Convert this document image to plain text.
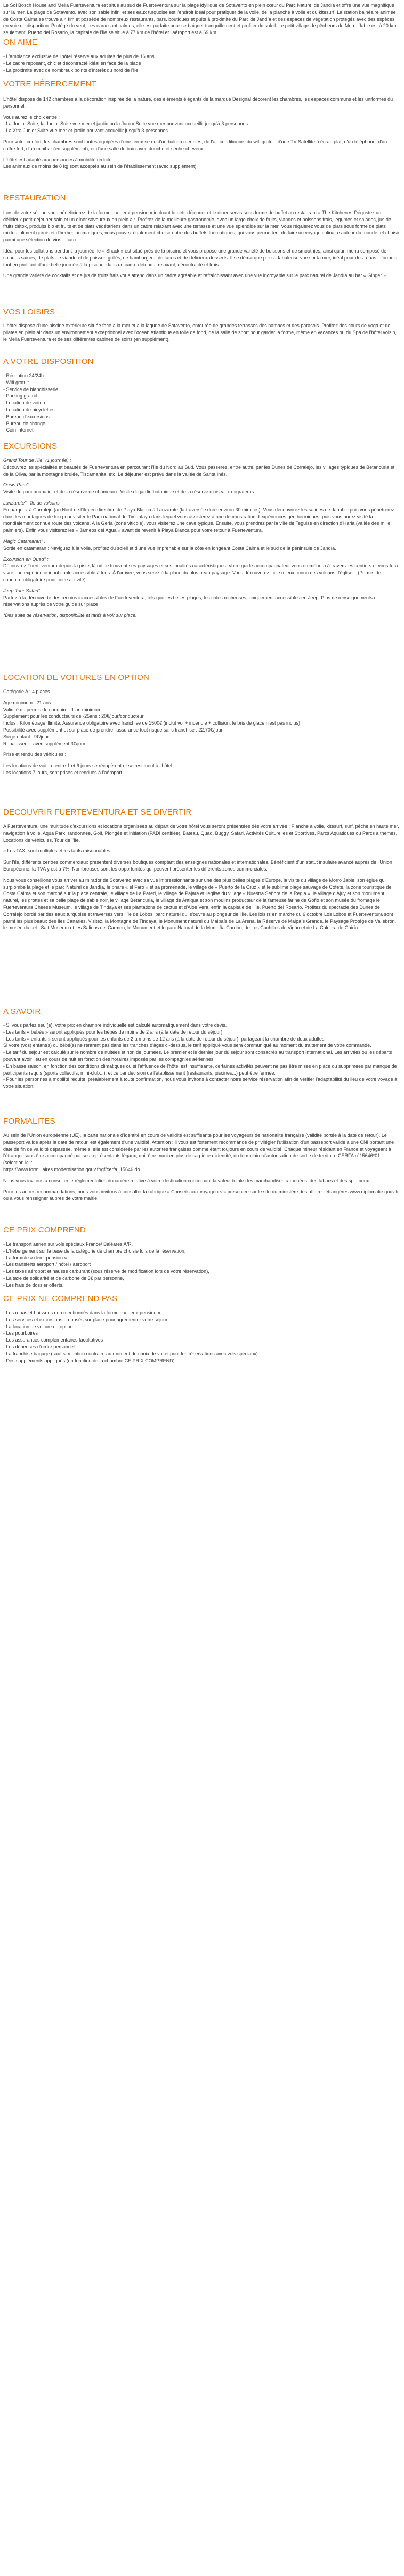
Le Sol Bosch House and Melia Fuerteventura est situé au sud de Fuerteventura sur la plage idyllique de Sotavento en plein cœur du Parc Naturel de Jandía et offre une vue magnifique sur la mer. La plage de Sotavento, avec son sable infini et ses eaux turquoise est l'endroit idéal pour pratiquer de la voile, de la planche à voile et du kitesurf. La station balnéaire animée de Costa Calma se trouve à 4 km et possède de nombreux restaurants, bars, boutiques et puits à proximité du Parc de Jandía et des espaces de végétation protégés avec des espèces en voie de disparition. Protégé du vent, ses eaux sont calmes, elle est parfaite pour se baigner tranquillement et profiter du soleil. Le petit village de pêcheurs de Morro Jable est à 20 km seulement. Puerto del Rosario, la capitale de l'île se situe à 77 km de l'hôtel et l'aéroport est à 69 km.

ON AIME
- L'ambiance exclusive de l'hôtel réservé aux adultes de plus de 16 ans
- Le cadre reposant, chic et décontracté idéal en face de la plage
- La proximité avec de nombreux points d'intérêt du nord de l'île
VOTRE HÉBERGEMENT

L'hôtel dispose de 142 chambres à la décoration inspirée de la nature, des éléments élégants de la marque Designal décorent les chambres, les espaces communs et les uniformes du personnel.

Vous aurez le choix entre :
- La Junior Suite, la Junior Suite vue mer et jardin ou la Junior Suite vue mer pouvant accueillir jusqu'à 3 personnes
- La Xtra Junior Suite vue mer et jardin pouvant accueillir jusqu'à 3 personnes

Pour votre confort, les chambres sont toutes équipées d'une terrasse ou d'un balcon meublés, de l'air conditionné, du wifi gratuit, d'une TV Satellite à écran plat, d'un téléphone, d'un coffre fort, d'un minibar (en supplément), et d'une salle de bain avec douche et sèche-cheveux.

L'hôtel est adapté aux personnes à mobilité réduite.
Les animaux de moins de 8 kg sont acceptés au sein de l'établissement (avec supplément).

RESTAURATION

Lors de votre séjour, vous bénéficierez de la formule « demi-pension » incluant le petit déjeuner et le diner servis sous forme de buffet au restaurant « The Kitchen ». Dégustez un délicieux petit-déjeuner sain et un dîner savoureux en plein air. Profitez de la meilleure gastronomie, avec un large choix de fruits, viandes et poissons frais, légumes et salades, jus de fruits détox, produits bio et fruits et de plats végétariens dans un cadre relaxant avec une terrasse et une vue splendide sur la mer. Vous régalerez vous de plats sous forme de plats mixtes joliment garnis et d'herbes aromatiques, vous pouvez également choisir entre des buffets thématiques, qui vous permettent de faire un voyage culinaire autour du monde, et choisir parmi une sélection de vins locaux.

Idéal pour les collations pendant la journée, le « Shack » est situé près de la piscine et vous propose une grande variété de boissons et de smoothies, ainsi qu'un menu composé de salades saines, de plats de viande et de poisson grillés, de hamburgers, de tacos et de délicieux desserts. Il se démarque par sa fabuleuse vue sur la mer, idéal pour des repas informels tout en profitant d'une belle journée à la piscine, dans un cadre détendu, relaxant, décontracté et frais.

Une grande variété de cocktails et de jus de fruits frais vous attend dans un cadre agréable et rafraîchissant avec une vue incroyable sur le parc naturel de Jandía au bar « Ginger ».

VOS LOISIRS

L'hôtel dispose d'une piscine extérieure située face à la mer et à la lagune de Sotavento, entourée de grandes terrasses des hamacs et des parasols. Profitez des cours de yoga et de pilates en plein air dans un environnement exceptionnel avec l'océan Atlantique en toile de fond, de la salle de sport pour garder la forme, même en vacances ou du Spa de l'hôtel voisin, le Melia Fuerteventura et de ses différentes cabines de soins (en supplément).

A VOTRE DISPOSITION
- Réception 24/24h
- Wifi gratuit
- Service de blanchisserie
- Parking gratuit
- Location de voiture
- Location de bicyclettes
- Bureau d'excursions
- Bureau de change
- Coin internet
EXCURSIONS

Grand Tour de l'île" (1 journée) :
Découvrez les spécialités et beautés de Fuerteventura en parcourant l'île du Nord au Sud. Vous passerez, entre autre, par les Dunes de Corralejo, les villages typiques de Betancuria et de la Oliva, par la montagne brulée, Tiscamanita, etc. Le déjeuner est prévu dans la vallée de Santa Inés.

Oasis Parc" :
Visite du parc animalier et de la réserve de chameaux. Visite du jardin botanique et de la réserve d'oiseaux migrateurs.

Lanzarote" : île de volcans
Embarquez à Corralejo (au Nord de l'île) en direction de Playa Blanca à Lanzarote (la traversée dure environ 30 minutes). Vous découvrirez les salines de Janubio puis vous pénétrerez dans les montagnes de feu pour visiter le Parc national de Timanfaya dans lequel vous assisterez à une démonstration d'expériences géothermiques, puis vous aurez visité la mondialement connue route des volcans. A la Geria (zone viticole), vous visiterez une cave typique. Ensuite, vous prendrez par la ville de Teguise en direction d'Haria (vallée des mille palmiers). Enfin vous visiterez les « Jameos del Agua » avant de revenir à Playa Blanca pour votre retour à Fuerteventura.

Magic Catamaran" :
Sortie en catamaran : Naviguez à la voile, profitez du soleil et d'une vue imprenable sur la côte en longeant Costa Calma et le sud de la péninsule de Jandía.

Excursion en Quad" :
Découvrez Fuerteventura depuis la piste, là où se trouvent ses paysages et ses localités caractéristiques. Votre guide-accompagnateur vous emmènera à travers les sentiers et vous fera vivre une expérience inoubliable accessible à tous. À l'arrivée, vous serez à la place du plus beau paysage. Vous découvrirez ici le mieux connu des volcans, l'église... (Permis de conduire obligatoire pour cette activité)

Jeep Tour Safari" :
Partez à la découverte des recoins inaccessibles de Fuerteventura, tels que les belles plages, les cotes rocheuses, uniquement accessibles en Jeep. Plus de renseignements et réservations auprès de votre guide sur place

*Des suite de réservation, disponibilité et tarifs à voir sur place.

LOCATION DE VOITURES EN OPTION

Catégorie A : 4 places

Age minimum : 21 ans
Validité du permis de conduire : 1 an minimum
Supplément pour les conducteurs de -25ans : 20€/jour/conducteur
Inclus : Kilométrage illimité, Assurance obligatoire avec franchise de 1500€ (inclut vol + incendie + collision, le bris de glace n'est pas inclus)
Possibilité avec supplément et sur place de prendre l'assurance tout risque sans franchise : 22,70€/jour
Siège enfant : 9€/jour
Rehausseur : avec supplément 3€/jour

Prise et rendu des véhicules :

Les locations de voiture entre 1 et 6 jours se récupèrent et se restituent à l'hôtel
Les locations 7 jours, sont prises et rendues à l'aéroport

DECOUVRIR FUERTEVENTURA ET SE DIVERTIR

A Fuerteventura, une multitude d'excursions et locations organisées au départ de votre hôtel vous seront présentées dès votre arrivée : Planche à voile, kitesurf, surf, pêche en haute mer, navigation à voile, Aqua Park, randonnée, Golf, Plongée et initiation (PADI certifiée), Bateau, Quad, Buggy, Safari, Activités Culturelles et Sportives, Parcs Aquatiques ou Parcs à thèmes, Locations de véhicules, Tour de l'île.

« Les TAXI sont multiples et les tarifs raisonnables.

Sur l'île, différents centres commerciaux présentent diverses boutiques comptant des enseignes nationales et internationales. Bénéficient d'un statut insulaire avancé auprès de l'Union Européenne, la TVA y est à 7%. Nombreuses sont les opportunités qui peuvent présenter les différents zones commerciales.

Nous vous conseillons vous arriver au mirador de Sotavento avec sa vue impressionnante sur une des plus belles plages d'Europe, la visite du village de Morro Jable, son églue qui surplombe la plage et le parc Naturel de Jandía, le phare « el Faro » et sa promenade, le village de « Puerto de la Cruz » et le sublime plage sauvage de Cofete, la zone touristique de Costa Calma et son marché sur la place centrale, le village de La Pared, le village de Pajara et l'église du village « Nuestra Señora de la Regla », le village d'Ajuy et son monument naturel, les grottes et sa belle plage de sable noir, le village Betancuria, le village de Antigua et son moulins producteur de la fameuse farine de Gofio et son musée du fromage le Fuerteventura Cheese Museum, le village de Tindaya et ses plantations de cactus et d'Aloe Vera, enfin la capitale de l'île, Puerto del Rosario. Profitez du spectacle des Dunes de Corralejo bordé par des eaux turquoise et traversez vers l'île de Lobos, parc naturel qui s'ouvre au plongeur de l'île. Les loisirs en marche du 6 octobre Los Lobos et Fuerteventura sont parmi les plus beaux des îles Canaries. Visitez, la Montagne de Tindaya, le Monument naturel du Malpaís de La Arena, la Réserve de Malpaís Grande, le Paysage Protégé de Vallebrón, le musée du sel : Salt Museum et les Salinas del Carmen, le Monument et le parc Natural de la Montaña Cardón, de Los Cuchillos de Vigán et de La Caldera de Gairía.

A SAVOIR
- Si vous partez seul(e), votre prix en chambre individuelle est calculé automatiquement dans votre devis.
- Les tarifs « bébés » seront appliqués pour les bébés de moins de 2 ans (à la date de retour du séjour).
- Les tarifs « enfants » seront appliqués pour les enfants de 2 à moins de 12 ans (à la date de retour du séjour), partageant la chambre de deux adultes.
Si votre (vos) enfant(s) ou bébé(s) ne rentrent pas dans les tranches d'âges ci-dessus, le tarif appliqué vous sera communiqué au moment du traitement de votre commande.
- Le tarif du séjour est calculé sur le nombre de nuitées et non de journées. Le premier et le dernier jour du séjour sont consacrés au transport international. Les arrivées ou les départs pouvant avoir lieu en cours de nuit en fonction des horaires imposés par les compagnies aériennes.
- En basse saison, en fonction des conditions climatiques ou si l'affluence de l'hôtel est insuffisante, certaines activités peuvent ne pas être mises en place ou supprimées par manque de participants requis (sports collectifs, mini-club...), et ce par décision de l'établissement (restaurants, piscines...) peut être fermée.
- Pour les personnes à mobilité réduite, préalablement à toute confirmation, nous vous invitons à contacter notre service réservation afin de vérifier l'adaptabilité du lieu de votre voyage à votre situation.
FORMALITES

Au sein de l'Union européenne (UE), la carte nationale d'identité en cours de validité est suffisante pour les voyageurs de nationalité française (validité portée à la date de retour). Le passeport valide après la date de retour, est également d'une validité. Attention : il vous est fortement recommandé de privilégier l'utilisation d'un passeport valide à une CNI portant une date de fin de validité dépassée, même si elle est considérée par les autorités françaises comme étant toujours en cours de validité. Chaque mineur résidant en France et voyageant à l'étranger sans être accompagné par ses représentants légaux, doit être muni en plus de sa pièce d'identité, du formulaire d'autorisation de sortie de territoire CERFA n°15646*01 (sélection ici :
https://www.formulaires.modernisation.gouv.fr/gf/cerfa_15646.do

Nous vous invitons à consulter le réglementation douanière relative à votre destination concernant la valeur totale des marchandises ramenées, des tabacs et des spiritueux.

Pour les autres recommandations, nous vous invitons à consulter la rubrique « Conseils aux voyageurs » présentée sur le site du ministère des affaires étrangères www.diplomatie.gouv.fr ou à vous renseigner auprès de votre mairie.

CE PRIX COMPREND
- Le transport aérien sur vols spéciaux France/ Baléares A/R,
- L'hébergement sur la base de la catégorie de chambre choisie lors de la réservation,
- La formule « demi-pension »
- Les transferts aéroport / hôtel / aéroport
- Les taxes aéroport et hausse carburant (sous réserve de modification lors de votre réservation),
- La taxe de solidarité et de carbone de 3€ par personne,
- Les frais de dossier offerts.
CE PRIX NE COMPREND PAS
- Les repas et boissons non mentionnés dans la formule « demi-pension »
- Les services et excursions proposés sur place pour agrémenter votre séjour
- La location de voiture en option
- Les pourboires
- Les assurances complémentaires facultatives
- Les dépenses d'ordre personnel
- La franchise bagage (sauf si mention contraire au moment du choix de vol et pour les réservations avec vols spéciaux)
- Des suppléments appliqués (en fonction de la chambre CE PRIX COMPREND)
